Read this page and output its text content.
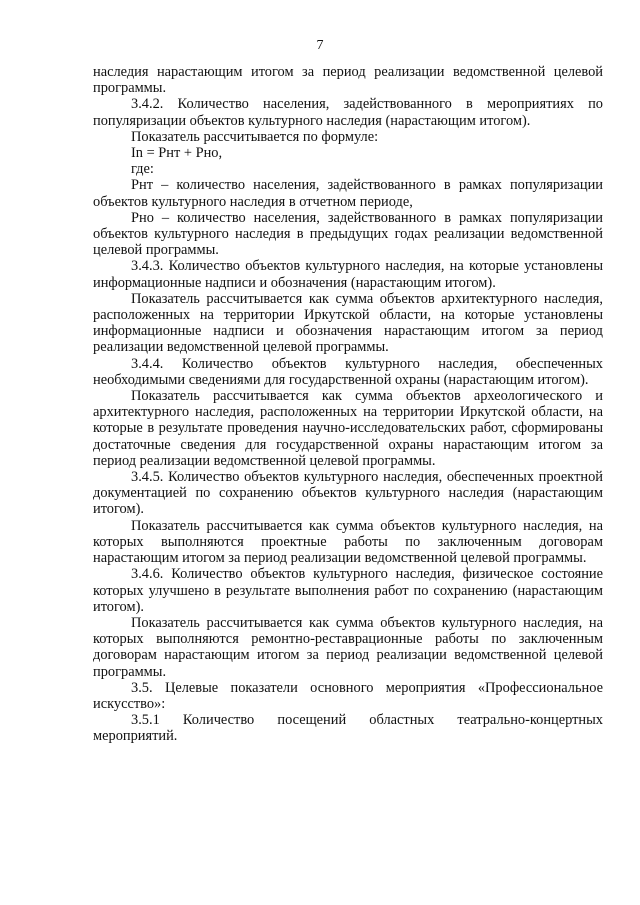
7

наследия нарастающим итогом за период реализации ведомственной целевой программы.

3.4.2. Количество населения, задействованного в мероприятиях по популяризации объектов культурного наследия (нарастающим итогом).

Показатель рассчитывается по формуле:

In = Pнт + Pно,

где:

Рнт – количество населения, задействованного в рамках популяризации объектов культурного наследия в отчетном периоде,

Рно – количество населения, задействованного в рамках популяризации объектов культурного наследия в предыдущих годах реализации ведомственной целевой программы.

3.4.3. Количество объектов культурного наследия, на которые установлены информационные надписи и обозначения (нарастающим итогом).

Показатель рассчитывается как сумма объектов архитектурного наследия, расположенных на территории Иркутской области, на которые установлены информационные надписи и обозначения нарастающим итогом за период реализации ведомственной целевой программы.

3.4.4. Количество объектов культурного наследия, обеспеченных необходимыми сведениями для государственной охраны (нарастающим итогом).

Показатель рассчитывается как сумма объектов археологического и архитектурного наследия, расположенных на территории Иркутской области, на которые в результате проведения научно-исследовательских работ, сформированы достаточные сведения для государственной охраны нарастающим итогом за период реализации ведомственной целевой программы.

3.4.5. Количество объектов культурного наследия, обеспеченных проектной документацией по сохранению объектов культурного наследия (нарастающим итогом).

Показатель рассчитывается как сумма объектов культурного наследия, на которых выполняются проектные работы по заключенным договорам нарастающим итогом за период реализации ведомственной целевой программы.

3.4.6. Количество объектов культурного наследия, физическое состояние которых улучшено в результате выполнения работ по сохранению (нарастающим итогом).

Показатель рассчитывается как сумма объектов культурного наследия, на которых выполняются ремонтно-реставрационные работы по заключенным договорам нарастающим итогом за период реализации ведомственной целевой программы.

3.5. Целевые показатели основного мероприятия «Профессиональное искусство»:

3.5.1 Количество посещений областных театрально-концертных мероприятий.
